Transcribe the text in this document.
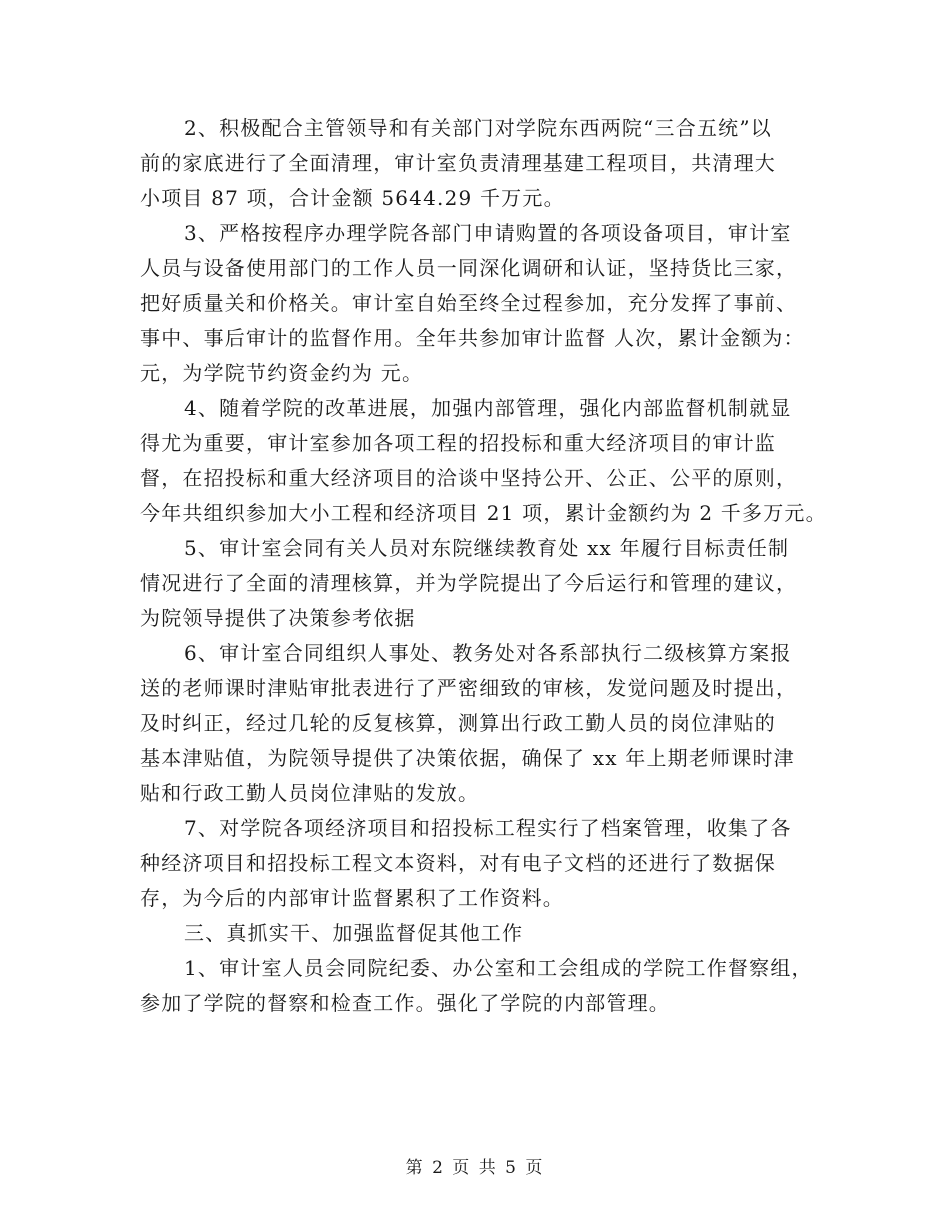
2、积极配合主管领导和有关部门对学院东西两院“三合五统”以
前的家底进行了全面清理，审计室负责清理基建工程项目，共清理大
小项目 87 项，合计金额 5644.29 千万元。
3、严格按程序办理学院各部门申请购置的各项设备项目，审计室
人员与设备使用部门的工作人员一同深化调研和认证，坚持货比三家，
把好质量关和价格关。审计室自始至终全过程参加，充分发挥了事前、
事中、事后审计的监督作用。全年共参加审计监督 人次，累计金额为：
元，为学院节约资金约为 元。
4、随着学院的改革进展，加强内部管理，强化内部监督机制就显
得尤为重要，审计室参加各项工程的招投标和重大经济项目的审计监
督，在招投标和重大经济项目的洽谈中坚持公开、公正、公平的原则，
今年共组织参加大小工程和经济项目 21 项，累计金额约为 2 千多万元。
5、审计室会同有关人员对东院继续教育处 xx 年履行目标责任制
情况进行了全面的清理核算，并为学院提出了今后运行和管理的建议，
为院领导提供了决策参考依据
6、审计室合同组织人事处、教务处对各系部执行二级核算方案报
送的老师课时津贴审批表进行了严密细致的审核，发觉问题及时提出，
及时纠正，经过几轮的反复核算，测算出行政工勤人员的岗位津贴的
基本津贴值，为院领导提供了决策依据，确保了 xx 年上期老师课时津
贴和行政工勤人员岗位津贴的发放。
7、对学院各项经济项目和招投标工程实行了档案管理，收集了各
种经济项目和招投标工程文本资料，对有电子文档的还进行了数据保
存，为今后的内部审计监督累积了工作资料。
三、真抓实干、加强监督促其他工作
1、审计室人员会同院纪委、办公室和工会组成的学院工作督察组，
参加了学院的督察和检查工作。强化了学院的内部管理。
第 2 页 共 5 页
